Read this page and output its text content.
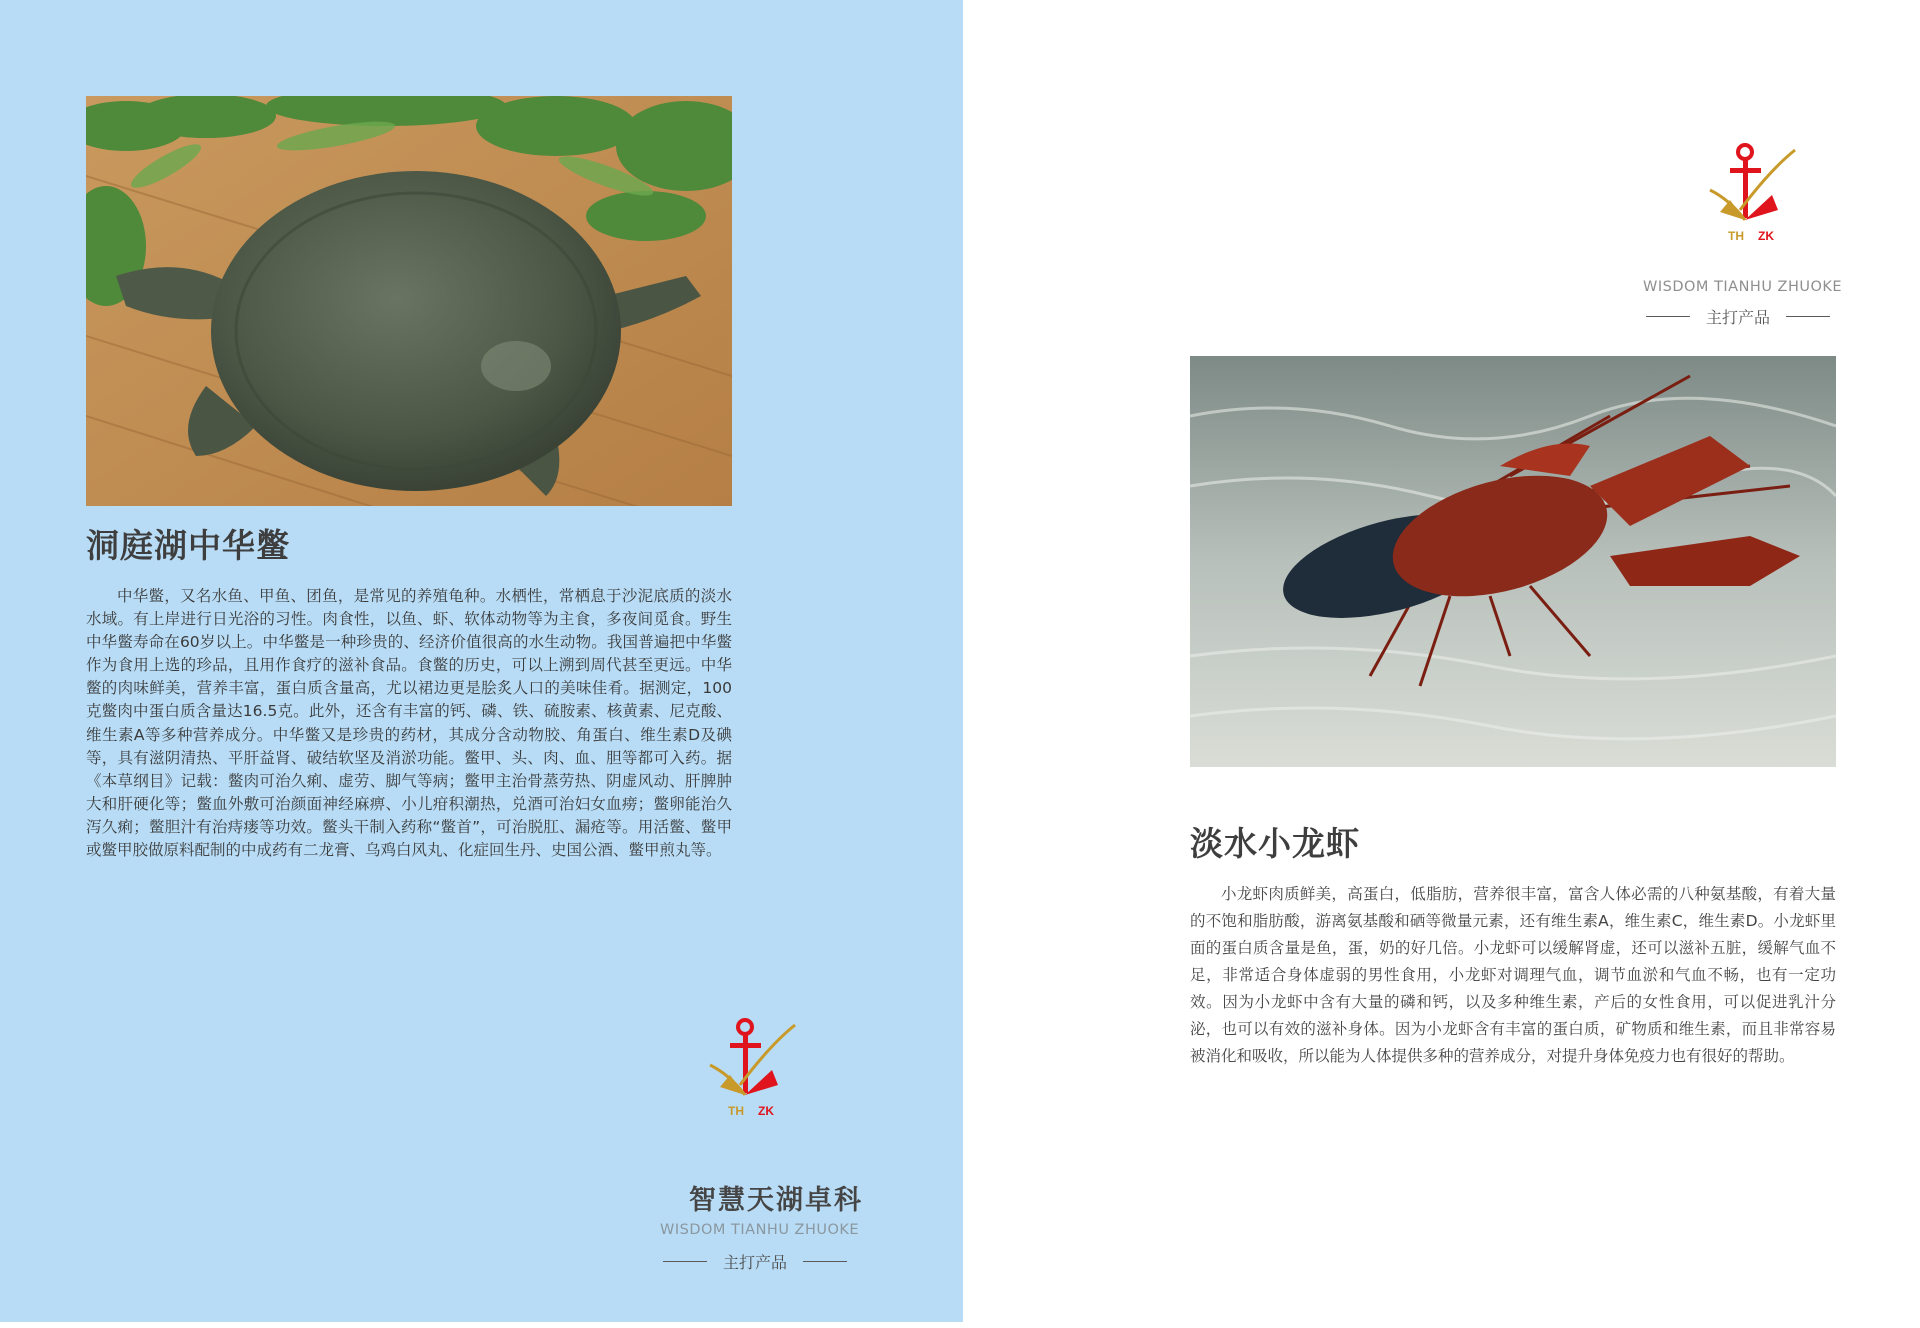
洞庭湖中华鳖
中华鳖，又名水鱼、甲鱼、团鱼，是常见的养殖龟种。水栖性，常栖息于沙泥底质的淡水水域。有上岸进行日光浴的习性。肉食性，以鱼、虾、软体动物等为主食，多夜间觅食。野生中华鳖寿命在60岁以上。中华鳖是一种珍贵的、经济价值很高的水生动物。我国普遍把中华鳖作为食用上选的珍品，且用作食疗的滋补食品。食鳖的历史，可以上溯到周代甚至更远。中华鳖的肉味鲜美，营养丰富，蛋白质含量高，尤以裙边更是脍炙人口的美味佳肴。据测定，100克鳖肉中蛋白质含量达16.5克。此外，还含有丰富的钙、磷、铁、硫胺素、核黄素、尼克酸、维生素A等多种营养成分。中华鳖又是珍贵的药材，其成分含动物胶、角蛋白、维生素D及碘等，具有滋阴清热、平肝益肾、破结软坚及消淤功能。鳖甲、头、肉、血、胆等都可入药。据《本草纲目》记载：鳖肉可治久痢、虚劳、脚气等病；鳖甲主治骨蒸劳热、阴虚风动、肝脾肿大和肝硬化等；鳖血外敷可治颜面神经麻痹、小儿疳积潮热，兑酒可治妇女血痨；鳖卵能治久泻久痢；鳖胆汁有治痔瘘等功效。鳖头干制入药称“鳖首”，可治脱肛、漏疮等。用活鳖、鳖甲或鳖甲胶做原料配制的中成药有二龙膏、乌鸡白风丸、化症回生丹、史国公酒、鳖甲煎丸等。
TH ZK
智慧天湖卓科
WISDOM TIANHU ZHUOKE
主打产品
TH ZK
WISDOM TIANHU ZHUOKE
主打产品
淡水小龙虾
小龙虾肉质鲜美，高蛋白，低脂肪，营养很丰富，富含人体必需的八种氨基酸，有着大量的不饱和脂肪酸，游离氨基酸和硒等微量元素，还有维生素A，维生素C，维生素D。小龙虾里面的蛋白质含量是鱼，蛋，奶的好几倍。小龙虾可以缓解肾虚，还可以滋补五脏，缓解气血不足，非常适合身体虚弱的男性食用，小龙虾对调理气血，调节血淤和气血不畅，也有一定功效。因为小龙虾中含有大量的磷和钙，以及多种维生素，产后的女性食用，可以促进乳汁分泌，也可以有效的滋补身体。因为小龙虾含有丰富的蛋白质，矿物质和维生素，而且非常容易被消化和吸收，所以能为人体提供多种的营养成分，对提升身体免疫力也有很好的帮助。
